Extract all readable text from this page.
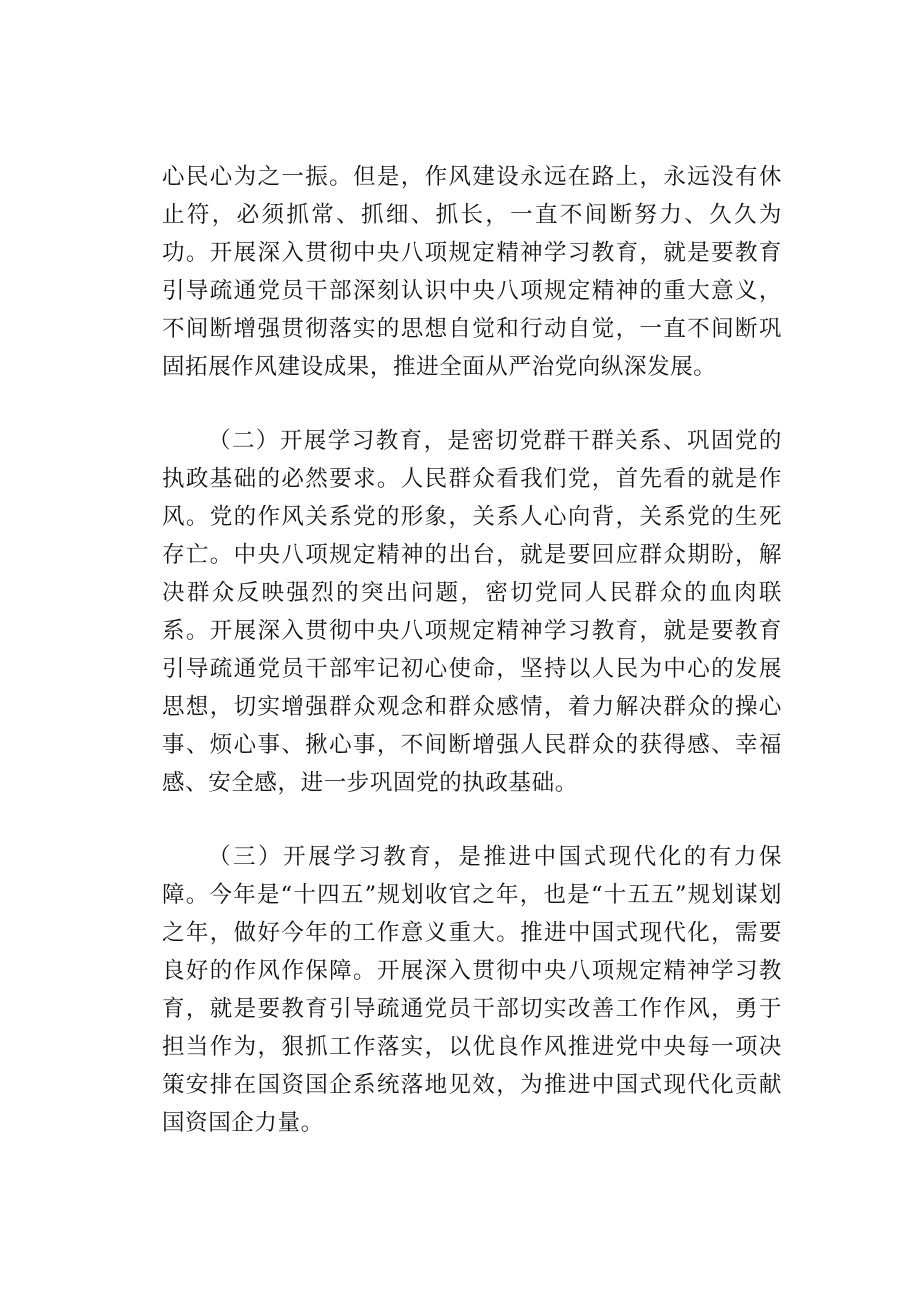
心民心为之一振。但是，作风建设永远在路上，永远没有休止符，必须抓常、抓细、抓长，一直不间断努力、久久为功。开展深入贯彻中央八项规定精神学习教育，就是要教育引导疏通党员干部深刻认识中央八项规定精神的重大意义，不间断增强贯彻落实的思想自觉和行动自觉，一直不间断巩固拓展作风建设成果，推进全面从严治党向纵深发展。

（二）开展学习教育，是密切党群干群关系、巩固党的执政基础的必然要求。人民群众看我们党，首先看的就是作风。党的作风关系党的形象，关系人心向背，关系党的生死存亡。中央八项规定精神的出台，就是要回应群众期盼，解决群众反映强烈的突出问题，密切党同人民群众的血肉联系。开展深入贯彻中央八项规定精神学习教育，就是要教育引导疏通党员干部牢记初心使命，坚持以人民为中心的发展思想，切实增强群众观念和群众感情，着力解决群众的操心事、烦心事、揪心事，不间断增强人民群众的获得感、幸福感、安全感，进一步巩固党的执政基础。

（三）开展学习教育，是推进中国式现代化的有力保障。今年是“十四五”规划收官之年，也是“十五五”规划谋划之年，做好今年的工作意义重大。推进中国式现代化，需要良好的作风作保障。开展深入贯彻中央八项规定精神学习教育，就是要教育引导疏通党员干部切实改善工作作风，勇于担当作为，狠抓工作落实，以优良作风推进党中央每一项决策安排在国资国企系统落地见效，为推进中国式现代化贡献国资国企力量。
